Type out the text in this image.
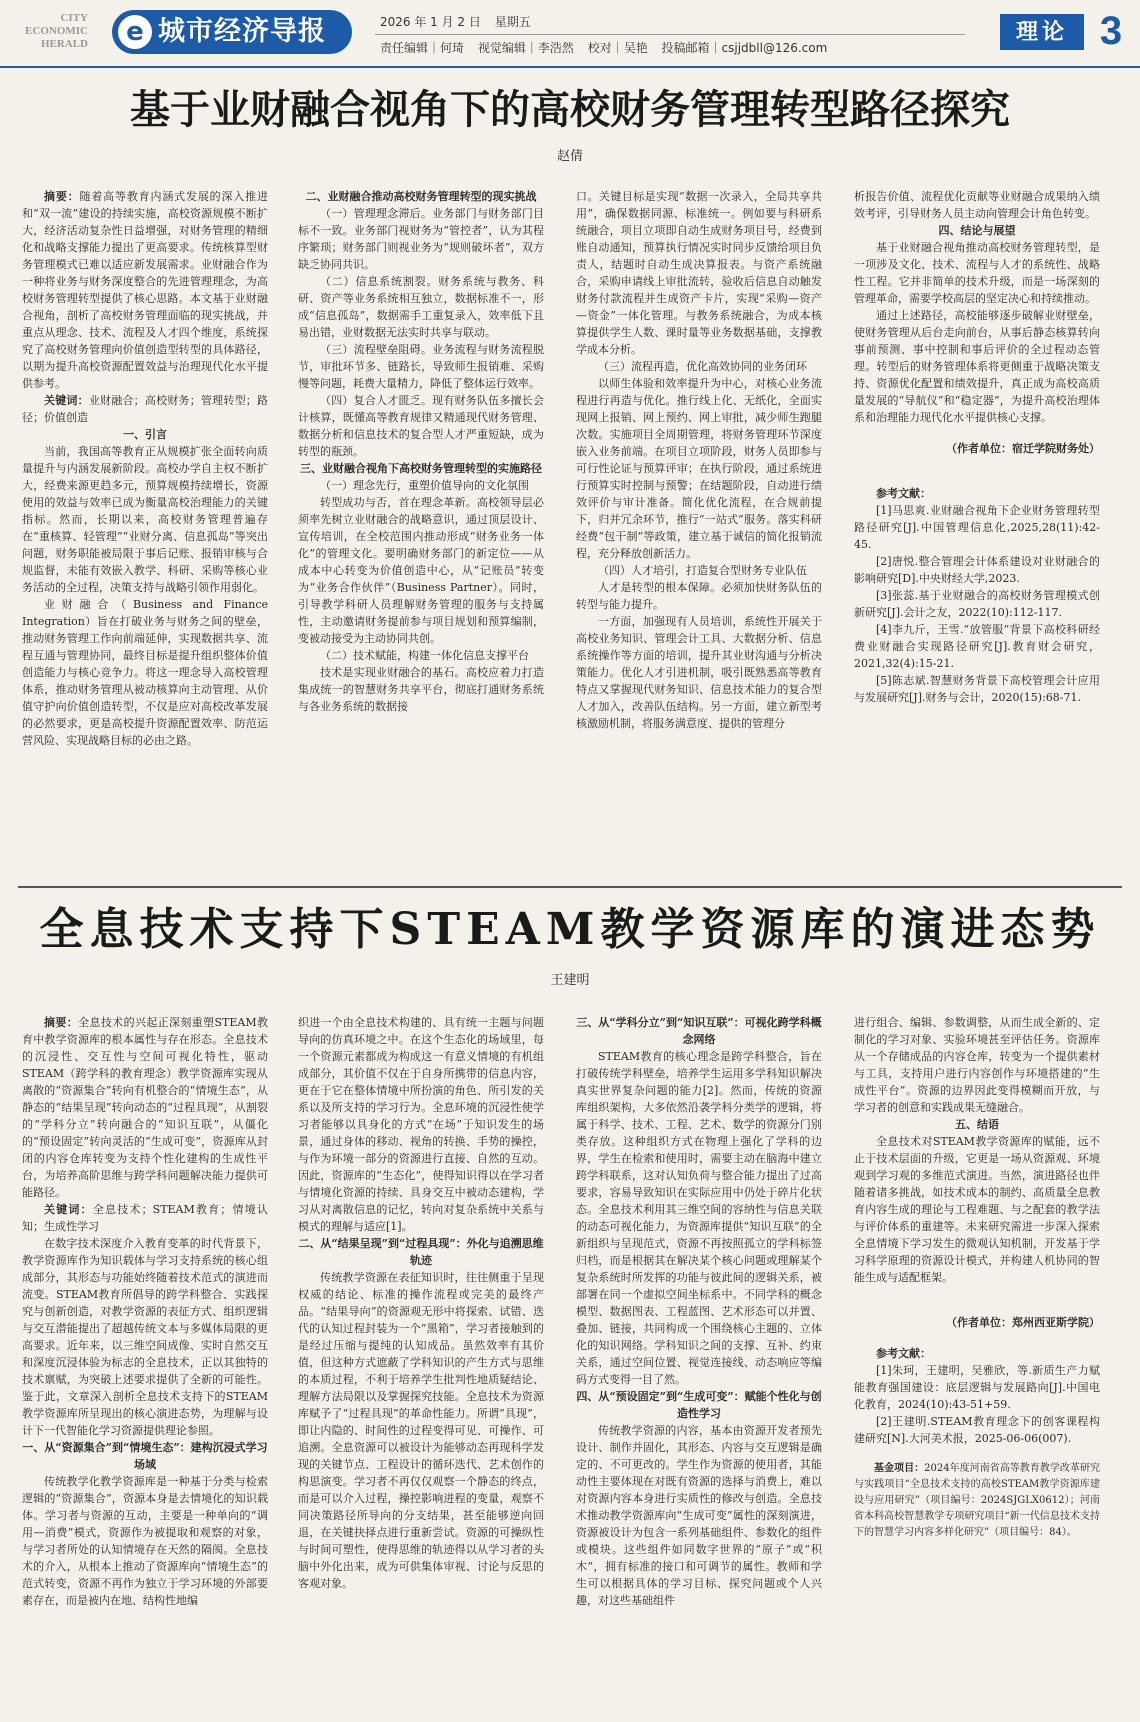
CITY
ECONOMIC
HERALD	e 城市经济导报	2026 年 1 月 2 日 星期五
责任编辑｜何琦 视觉编辑｜李浩然 校对｜吴艳 投稿邮箱｜csjjdbll@126.com
理论 3
基于业财融合视角下的高校财务管理转型路径探究
赵倩

摘要：随着高等教育内涵式发展的深入推进和“双一流”建设的持续实施，高校资源规模不断扩大，经济活动复杂性日益增强，对财务管理的精细化和战略支撑能力提出了更高要求。传统核算型财务管理模式已难以适应新发展需求。业财融合作为一种将业务与财务深度整合的先进管理理念，为高校财务管理转型提供了核心思路。本文基于业财融合视角，剖析了高校财务管理面临的现实挑战，并重点从理念、技术、流程及人才四个维度，系统探究了高校财务管理向价值创造型转型的具体路径，以期为提升高校资源配置效益与治理现代化水平提供参考。

关键词：业财融合；高校财务；管理转型；路径；价值创造

一、引言

当前，我国高等教育正从规模扩张全面转向质量提升与内涵发展新阶段。高校办学自主权不断扩大，经费来源更趋多元，预算规模持续增长，资源使用的效益与效率已成为衡量高校治理能力的关键指标。然而，长期以来，高校财务管理普遍存在“重核算、轻管理”“业财分离、信息孤岛”等突出问题，财务职能被局限于事后记账、报销审核与合规监督，未能有效嵌入教学、科研、采购等核心业务活动的全过程，决策支持与战略引领作用弱化。

业财融合（Business and Finance Integration）旨在打破业务与财务之间的壁垒，推动财务管理工作向前端延伸，实现数据共享、流程互通与管理协同，最终目标是提升组织整体价值创造能力与核心竞争力。将这一理念导入高校管理体系，推动财务管理从被动核算向主动管理、从价值守护向价值创造转型，不仅是应对高校改革发展的必然要求，更是高校提升资源配置效率、防范运营风险、实现战略目标的必由之路。

二、业财融合推动高校财务管理转型的现实挑战

（一）管理理念滞后。业务部门与财务部门目标不一致。业务部门视财务为“管控者”，认为其程序繁琐；财务部门则视业务为“规则破坏者”，双方缺乏协同共识。

（二）信息系统割裂。财务系统与教务、科研、资产等业务系统相互独立，数据标准不一，形成“信息孤岛”，数据需手工重复录入，效率低下且易出错，业财数据无法实时共享与联动。

（三）流程壁垒阻碍。业务流程与财务流程脱节，审批环节多、链路长，导致师生报销难、采购慢等问题，耗费大量精力，降低了整体运行效率。

（四）复合人才匮乏。现有财务队伍多擅长会计核算，既懂高等教育规律又精通现代财务管理、数据分析和信息技术的复合型人才严重短缺，成为转型的瓶颈。

三、业财融合视角下高校财务管理转型的实施路径

（一）理念先行，重塑价值导向的文化氛围

转型成功与否，首在理念革新。高校领导层必须率先树立业财融合的战略意识，通过顶层设计、宣传培训，在全校范围内推动形成“财务业务一体化”的管理文化。要明确财务部门的新定位——从成本中心转变为价值创造中心，从“记账员”转变为“业务合作伙伴”（Business Partner）。同时，引导教学科研人员理解财务管理的服务与支持属性，主动邀请财务提前参与项目规划和预算编制，变被动接受为主动协同共创。

（二）技术赋能，构建一体化信息支撑平台

技术是实现业财融合的基石。高校应着力打造集成统一的智慧财务共享平台，彻底打通财务系统与各业务系统的数据接

口。关键目标是实现“数据一次录入，全局共享共用”，确保数据同源、标准统一。例如要与科研系统融合，项目立项即自动生成财务项目号，经费到账自动通知，预算执行情况实时同步反馈给项目负责人，结题时自动生成决算报表。与资产系统融合，采购申请线上审批流转，验收后信息自动触发财务付款流程并生成资产卡片，实现“采购—资产—资金”一体化管理。与教务系统融合，为成本核算提供学生人数、课时量等业务数据基础，支撑教学成本分析。

（三）流程再造，优化高效协同的业务闭环

以师生体验和效率提升为中心，对核心业务流程进行再造与优化。推行线上化、无纸化，全面实现网上报销、网上预约、网上审批，减少师生跑腿次数。实施项目全周期管理，将财务管理环节深度嵌入业务前端。在项目立项阶段，财务人员即参与可行性论证与预算评审；在执行阶段，通过系统进行预算实时控制与预警；在结题阶段，自动进行绩效评价与审计准备。简化优化流程，在合规前提下，归并冗余环节，推行“一站式”服务。落实科研经费“包干制”等政策，建立基于诚信的简化报销流程，充分释放创新活力。

（四）人才培引，打造复合型财务专业队伍

人才是转型的根本保障。必须加快财务队伍的转型与能力提升。

一方面，加强现有人员培训，系统性开展关于高校业务知识、管理会计工具、大数据分析、信息系统操作等方面的培训，提升其业财沟通与分析决策能力。优化人才引进机制，吸引既熟悉高等教育特点又掌握现代财务知识、信息技术能力的复合型人才加入，改善队伍结构。另一方面，建立新型考核激励机制，将服务满意度、提供的管理分

析报告价值、流程优化贡献等业财融合成果纳入绩效考评，引导财务人员主动向管理会计角色转变。

四、结论与展望

基于业财融合视角推动高校财务管理转型，是一项涉及文化、技术、流程与人才的系统性、战略性工程。它并非简单的技术升级，而是一场深刻的管理革命，需要学校高层的坚定决心和持续推动。

通过上述路径，高校能够逐步破解业财壁垒，使财务管理从后台走向前台，从事后静态核算转向事前预测、事中控制和事后评价的全过程动态管理。转型后的财务管理体系将更侧重于战略决策支持、资源优化配置和绩效提升，真正成为高校高质量发展的“导航仪”和“稳定器”，为提升高校治理体系和治理能力现代化水平提供核心支撑。

（作者单位：宿迁学院财务处）

参考文献：

[1]马思爽.业财融合视角下企业财务管理转型路径研究[J].中国管理信息化,2025,28(11):42-45.

[2]唐悦.整合管理会计体系建设对业财融合的影响研究[D].中央财经大学,2023.

[3]张蕊.基于业财融合的高校财务管理模式创新研究[J].会计之友，2022(10):112-117.

[4]李九斤，王雪.“放管服”背景下高校科研经费业财融合实现路径研究[J].教育财会研究，2021,32(4):15-21.

[5]陈志斌.智慧财务背景下高校管理会计应用与发展研究[J].财务与会计，2020(15):68-71.

全息技术支持下STEAM教学资源库的演进态势
王建明

摘要：全息技术的兴起正深刻重塑STEAM教育中教学资源库的根本属性与存在形态。全息技术的沉浸性、交互性与空间可视化特性，驱动STEAM（跨学科的教育理念）教学资源库实现从离散的“资源集合”转向有机整合的“情境生态”，从静态的“结果呈现”转向动态的“过程具现”，从割裂的“学科分立”转向融合的“知识互联”，从僵化的“预设固定”转向灵活的“生成可变”，资源库从封闭的内容仓库转变为支持个性化建构的生成性平台，为培养高阶思维与跨学科问题解决能力提供可能路径。

关键词：全息技术；STEAM教育；情境认知；生成性学习

在数字技术深度介入教育变革的时代背景下，教学资源库作为知识载体与学习支持系统的核心组成部分，其形态与功能始终随着技术范式的演进而流变。STEAM教育所倡导的跨学科整合、实践探究与创新创造，对教学资源的表征方式、组织逻辑与交互潜能提出了超越传统文本与多媒体局限的更高要求。近年来，以三维空间成像、实时自然交互和深度沉浸体验为标志的全息技术，正以其独特的技术禀赋，为突破上述要求提供了全新的可能性。鉴于此，文章深入剖析全息技术支持下的STEAM教学资源库所呈现出的核心演进态势，为理解与设计下一代智能化学习资源提供理论参照。

一、从“资源集合”到“情境生态”：建构沉浸式学习场域

传统教学化教学资源库是一种基于分类与检索逻辑的“资源集合”，资源本身是去情境化的知识载体。学习者与资源的互动，主要是一种单向的“调用—消费”模式，资源作为被提取和观察的对象，与学习者所处的认知情境存在天然的隔阂。全息技术的介入，从根本上推动了资源库向“情境生态”的范式转变，资源不再作为独立于学习环境的外部要素存在，而是被内在地、结构性地编

织进一个由全息技术构建的、具有统一主题与问题导向的仿真环境之中。在这个生态化的场域里，每一个资源元素都成为构成这一有意义情境的有机组成部分，其价值不仅在于自身所携带的信息内容，更在于它在整体情境中所扮演的角色、所引发的关系以及所支持的学习行为。全息环境的沉浸性使学习者能够以具身化的方式“在场”于知识发生的场景，通过身体的移动、视角的转换、手势的操控，与作为环境一部分的资源进行直接、自然的互动。因此，资源库的“生态化”，使得知识得以在学习者与情境化资源的持续、具身交互中被动态建构，学习从对离散信息的记忆，转向对复杂系统中关系与模式的理解与适应[1]。

二、从“结果呈现”到“过程具现”：外化与追溯思维轨迹

传统教学资源在表征知识时，往往侧重于呈现权威的结论、标准的操作流程或完美的最终产品。“结果导向”的资源观无形中将探索、试错、迭代的认知过程封装为一个“黑箱”，学习者接触到的是经过压缩与提纯的认知成品。虽然效率有其价值，但这种方式遮蔽了学科知识的产生方式与思维的本质过程，不利于培养学生批判性地质疑结论、理解方法局限以及掌握探究技能。全息技术为资源库赋予了“过程具现”的革命性能力。所谓“具现”，即让内隐的、时间性的过程变得可见、可操作、可追溯。全息资源可以被设计为能够动态再现科学发现的关键节点、工程设计的循环迭代、艺术创作的构思演变。学习者不再仅仅观察一个静态的终点，而是可以介入过程，操控影响进程的变量，观察不同决策路径所导向的分支结果，甚至能够逆向回退，在关键抉择点进行重新尝试。资源的可操纵性与时间可塑性，使得思维的轨迹得以从学习者的头脑中外化出来，成为可供集体审视、讨论与反思的客观对象。

三、从“学科分立”到“知识互联”：可视化跨学科概念网络

STEAM教育的核心理念是跨学科整合，旨在打破传统学科壁垒，培养学生运用多学科知识解决真实世界复杂问题的能力[2]。然而，传统的资源库组织架构，大多依然沿袭学科分类学的逻辑，将属于科学、技术、工程、艺术、数学的资源分门别类存放。这种组织方式在物理上强化了学科的边界，学生在检索和使用时，需要主动在脑海中建立跨学科联系，这对认知负荷与整合能力提出了过高要求，容易导致知识在实际应用中仍处于碎片化状态。全息技术利用其三维空间的容纳性与信息关联的动态可视化能力，为资源库提供“知识互联”的全新组织与呈现范式，资源不再按照孤立的学科标签归档，而是根据其在解决某个核心问题或理解某个复杂系统时所发挥的功能与彼此间的逻辑关系，被部署在同一个虚拟空间坐标系中。不同学科的概念模型、数据图表、工程蓝图、艺术形态可以并置、叠加、链接，共同构成一个围绕核心主题的、立体化的知识网络。学科知识之间的支撑、互补、约束关系，通过空间位置、视觉连接线、动态响应等编码方式变得一目了然。

四、从“预设固定”到“生成可变”：赋能个性化与创造性学习

传统教学资源的内容，基本由资源开发者预先设计、制作并固化，其形态、内容与交互逻辑是确定的、不可更改的。学生作为资源的使用者，其能动性主要体现在对既有资源的选择与消费上，难以对资源内容本身进行实质性的修改与创造。全息技术推动教学资源库向“生成可变”属性的深刻演进，资源被设计为包含一系列基础组件、参数化的组件或模块。这些组件如同数字世界的“原子”或“积木”，拥有标准的接口和可调节的属性。教师和学生可以根据具体的学习目标、探究问题或个人兴趣，对这些基础组件

进行组合、编辑、参数调整，从而生成全新的、定制化的学习对象、实验环境甚至评估任务。资源库从一个存储成品的内容仓库，转变为一个提供素材与工具，支持用户进行内容创作与环境搭建的“生成性平台”。资源的边界因此变得模糊而开放，与学习者的创意和实践成果无缝融合。

五、结语

全息技术对STEAM教学资源库的赋能，远不止于技术层面的升级，它更是一场从资源观、环境观到学习观的多维范式演进。当然，演进路径也伴随着诸多挑战，如技术成本的制约、高质量全息教育内容生成的理论与工程难题、与之配套的教学法与评价体系的重建等。未来研究需进一步深入探索全息情境下学习发生的微观认知机制，开发基于学习科学原理的资源设计模式，并构建人机协同的智能生成与适配框架。

（作者单位：郑州西亚斯学院）

参考文献：

[1]朱珂，王建明，吴雅欣，等.新质生产力赋能教育强国建设：底层逻辑与发展路向[J].中国电化教育，2024(10):43-51+59.

[2]王建明.STEAM教育理念下的创客课程构建研究[N].大河美术报，2025-06-06(007).

基金项目：2024年度河南省高等教育教学改革研究与实践项目“全息技术支持的高校STEAM教学资源库建设与应用研究”（项目编号：2024SJGLX0612）；河南省本科高校智慧教学专项研究项目“新一代信息技术支持下的智慧学习内容多样化研究”（项目编号：84）。
